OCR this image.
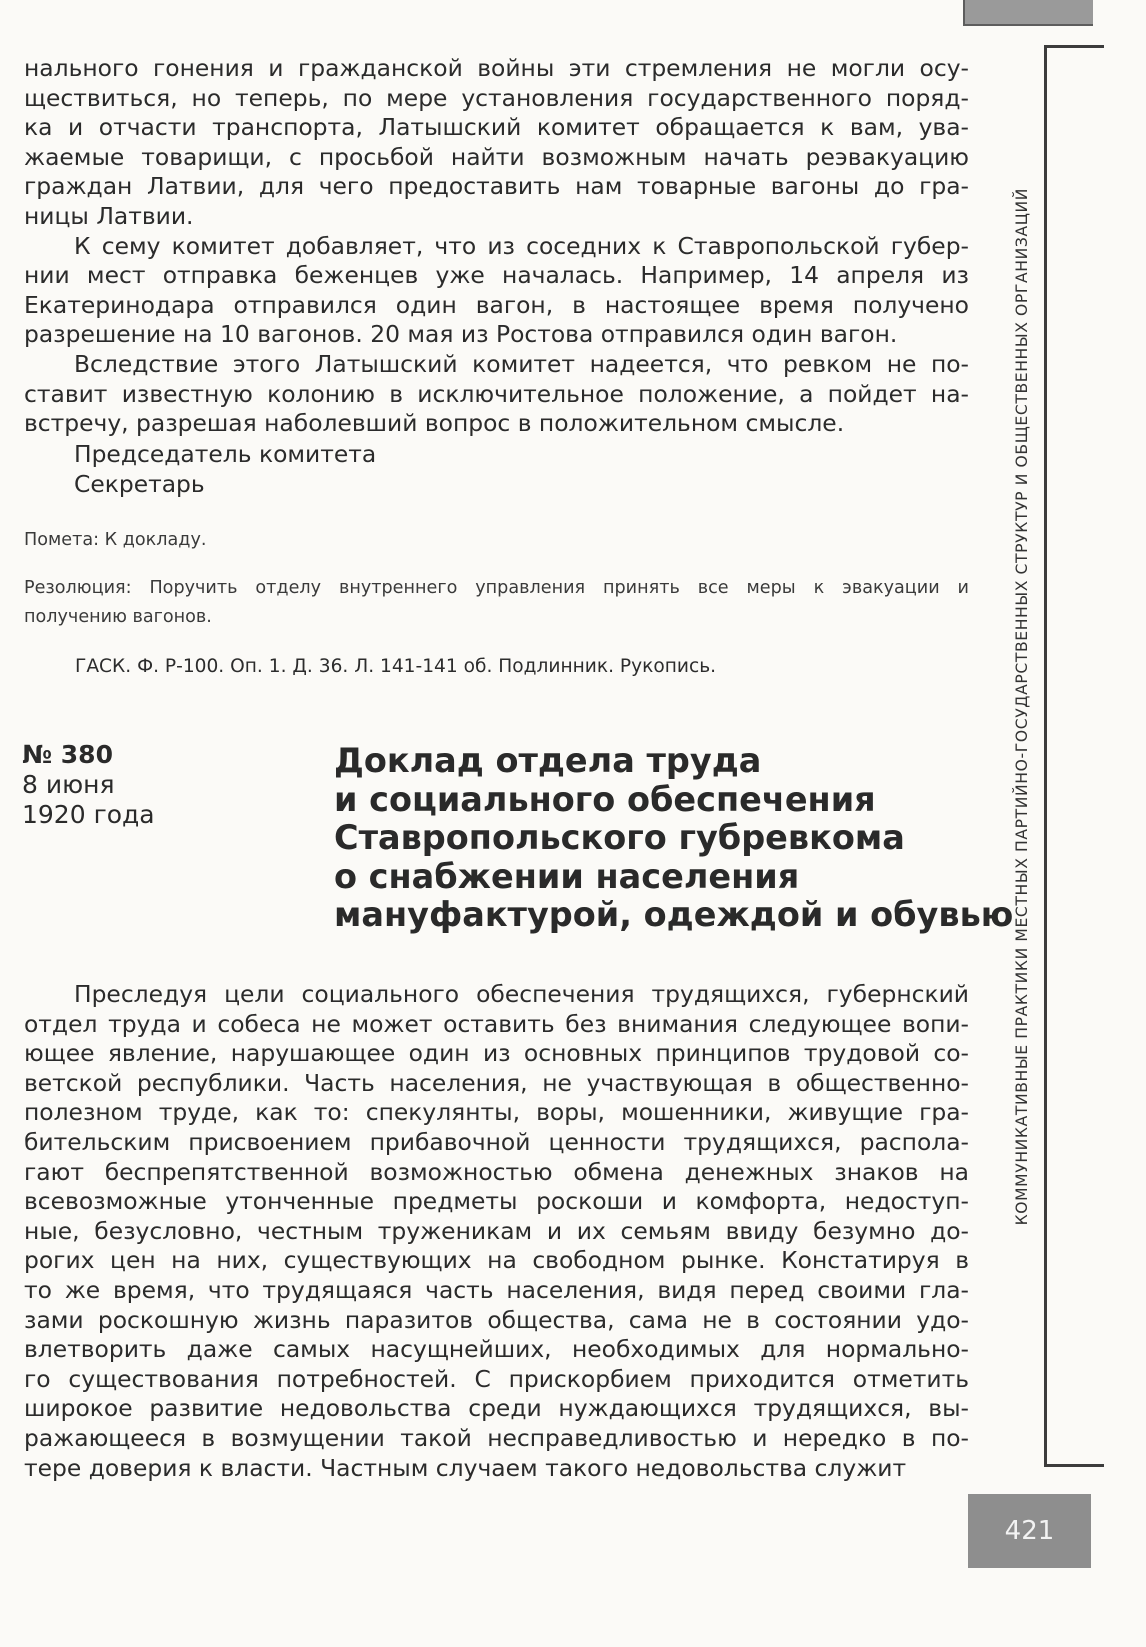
КОММУНИКАТИВНЫЕ ПРАКТИКИ МЕСТНЫХ ПАРТИЙНО-ГОСУДАРСТВЕННЫХ СТРУКТУР И ОБЩЕСТВЕННЫХ ОРГАНИЗАЦИЙ
нального гонения и гражданской войны эти стремления не могли осу-
ществиться, но теперь, по мере установления государственного поряд-
ка и отчасти транспорта, Латышский комитет обращается к вам, ува-
жаемые товарищи, с просьбой найти возможным начать реэвакуацию
граждан Латвии, для чего предоставить нам товарные вагоны до гра-
ницы Латвии.
К сему комитет добавляет, что из соседних к Ставропольской губер-
нии мест отправка беженцев уже началась. Например, 14 апреля из
Екатеринодара отправился один вагон, в настоящее время получено
разрешение на 10 вагонов. 20 мая из Ростова отправился один вагон.
Вследствие этого Латышский комитет надеется, что ревком не по-
ставит известную колонию в исключительное положение, а пойдет на-
встречу, разрешая наболевший вопрос в положительном смысле.
Председатель комитета
Секретарь
Помета: К докладу.
Резолюция: Поручить отделу внутреннего управления принять все меры к эвакуации и
получению вагонов.
ГАСК. Ф. Р-100. Оп. 1. Д. 36. Л. 141-141 об. Подлинник. Рукопись.
№ 380
8 июня
1920 года
Доклад отдела труда
и социального обеспечения
Ставропольского губревкома
о снабжении населения
мануфактурой, одеждой и обувью
Преследуя цели социального обеспечения трудящихся, губернский
отдел труда и собеса не может оставить без внимания следующее вопи-
ющее явление, нарушающее один из основных принципов трудовой со-
ветской республики. Часть населения, не участвующая в общественно-
полезном труде, как то: спекулянты, воры, мошенники, живущие гра-
бительским присвоением прибавочной ценности трудящихся, распола-
гают беспрепятственной возможностью обмена денежных знаков на
всевозможные утонченные предметы роскоши и комфорта, недоступ-
ные, безусловно, честным труженикам и их семьям ввиду безумно до-
рогих цен на них, существующих на свободном рынке. Констатируя в
то же время, что трудящаяся часть населения, видя перед своими гла-
зами роскошную жизнь паразитов общества, сама не в состоянии удо-
влетворить даже самых насущнейших, необходимых для нормально-
го существования потребностей. С прискорбием приходится отметить
широкое развитие недовольства среди нуждающихся трудящихся, вы-
ражающееся в возмущении такой несправедливостью и нередко в по-
тере доверия к власти. Частным случаем такого недовольства служит
421
